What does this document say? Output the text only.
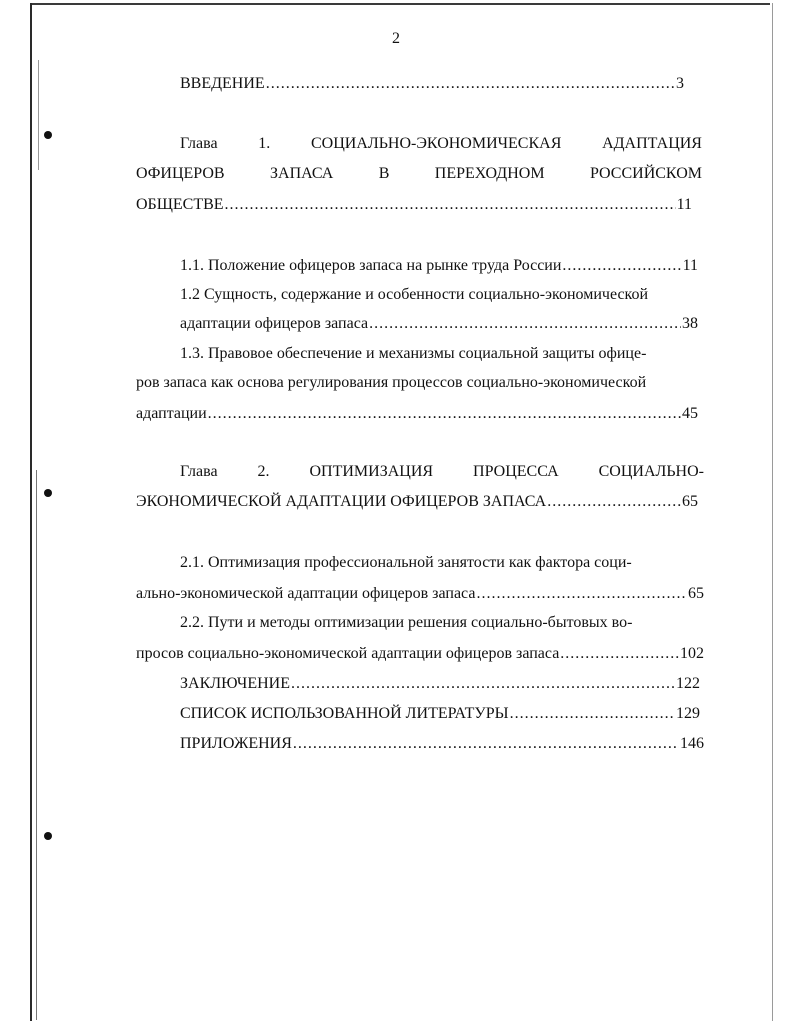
2
ВВЕДЕНИЕ .....	3
Глава	1.	СОЦИАЛЬНО-ЭКОНОМИЧЕСКАЯ	АДАПТАЦИЯ
ОФИЦЕРОВ	ЗАПАСА	В	ПЕРЕХОДНОМ	РОССИЙСКОМ
ОБЩЕСТВЕ .....	11
1.1. Положение офицеров запаса на рынке труда России .....	11
1.2 Сущность, содержание и особенности социально-экономической
адаптации офицеров запаса .....	38
1.3. Правовое обеспечение и механизмы социальной защиты офице-
ров запаса как основа регулирования процессов социально-экономической
адаптации .....	45
Глава 2. ОПТИМИЗАЦИЯ ПРОЦЕССА СОЦИАЛЬНО-
ЭКОНОМИЧЕСКОЙ АДАПТАЦИИ ОФИЦЕРОВ ЗАПАСА .....	65
2.1. Оптимизация профессиональной занятости как фактора соци-
ально-экономической адаптации офицеров запаса .....	65
2.2. Пути и методы оптимизации решения социально-бытовых во-
просов социально-экономической адаптации офицеров запаса .....	102
ЗАКЛЮЧЕНИЕ .....	122
СПИСОК ИСПОЛЬЗОВАННОЙ ЛИТЕРАТУРЫ .....	129
ПРИЛОЖЕНИЯ .....	146
